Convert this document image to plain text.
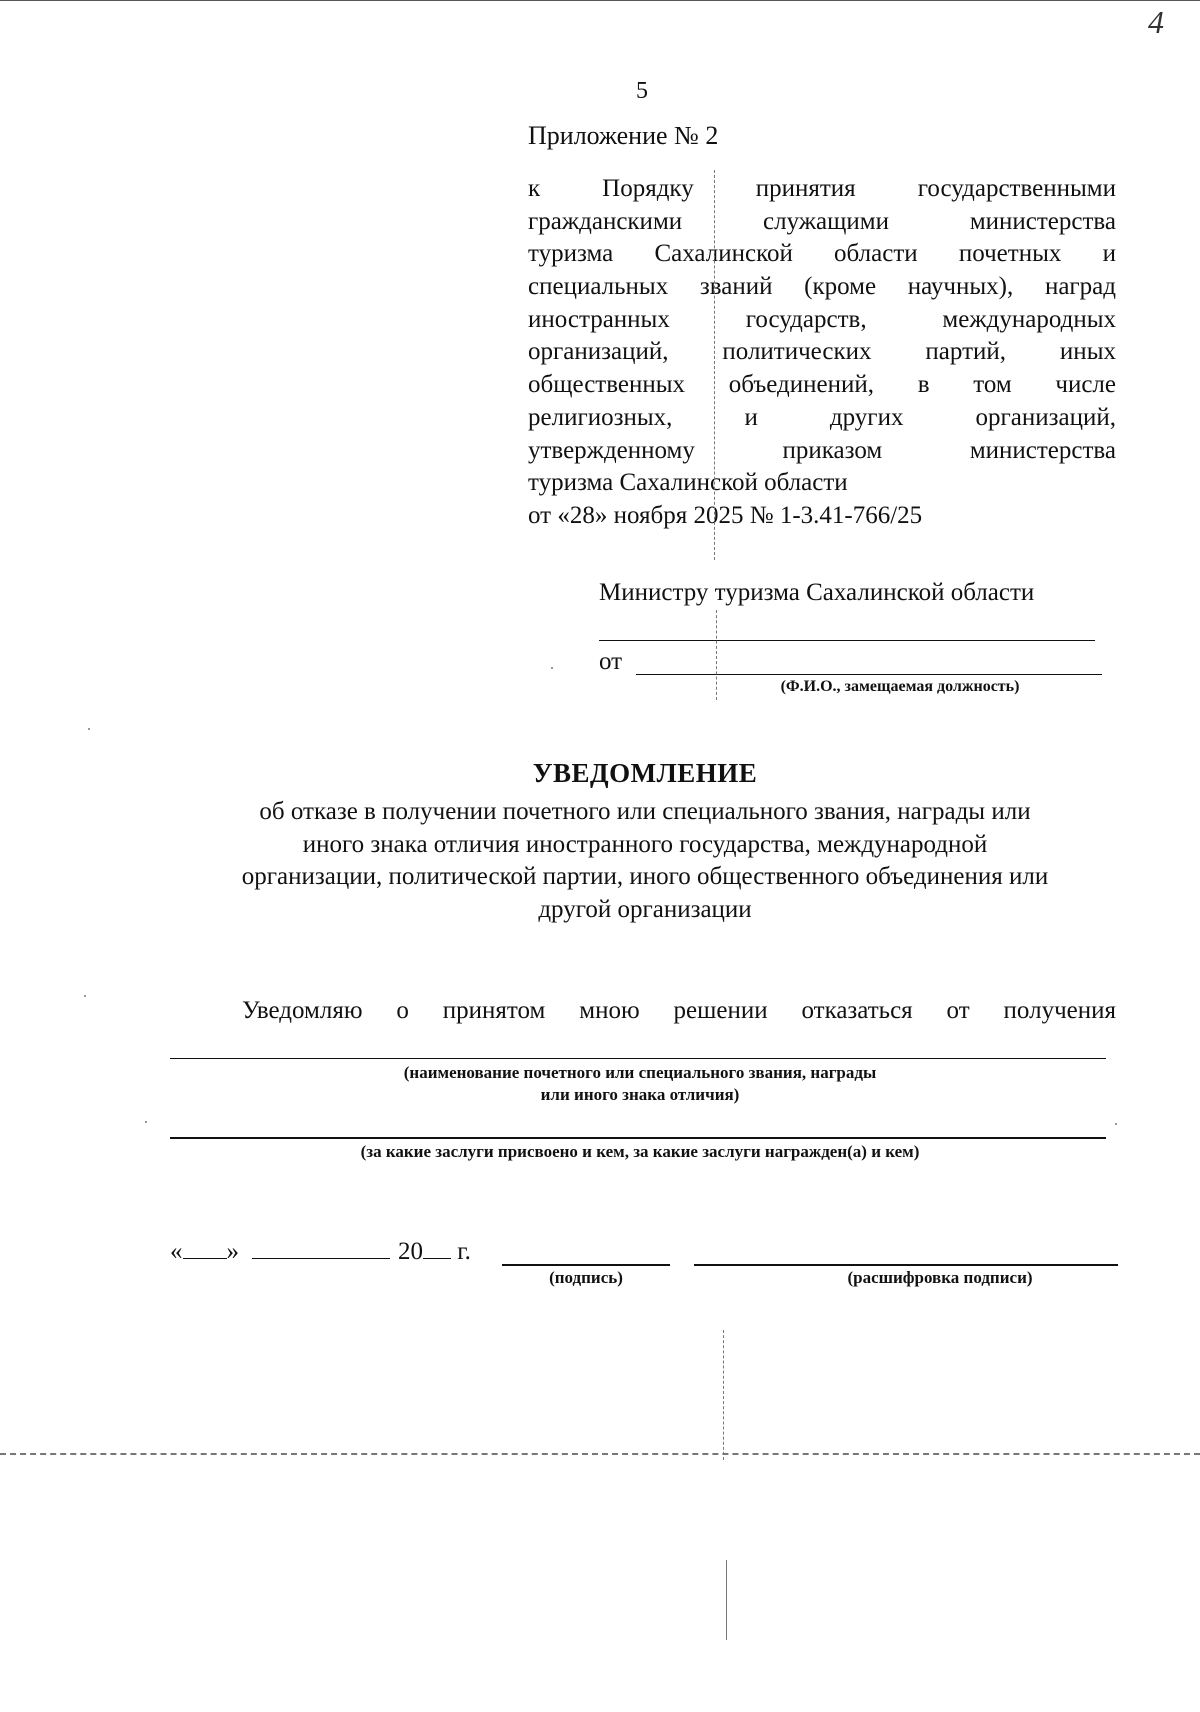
4
5
Приложение № 2
к Порядку принятия государственными
гражданскими служащими министерства
туризма Сахалинской области почетных и
специальных званий (кроме научных), наград
иностранных государств, международных
организаций, политических партий, иных
общественных объединений, в том числе
религиозных, и других организаций,
утвержденному приказом министерства
туризма Сахалинской области
от «28» ноября 2025 № 1-3.41-766/25
Министру туризма Сахалинской области
от
(Ф.И.О., замещаемая должность)
УВЕДОМЛЕНИЕ
об отказе в получении почетного или специального звания, награды или
иного знака отличия иностранного государства, международной
организации, политической партии, иного общественного объединения или
другой организации
Уведомляю о принятом мною решении отказаться от получения
(наименование почетного или специального звания, награды
или иного знака отличия)
(за какие заслуги присвоено и кем, за какие заслуги награжден(а) и кем)
« »	20 г.
(подпись)	(расшифровка подписи)
